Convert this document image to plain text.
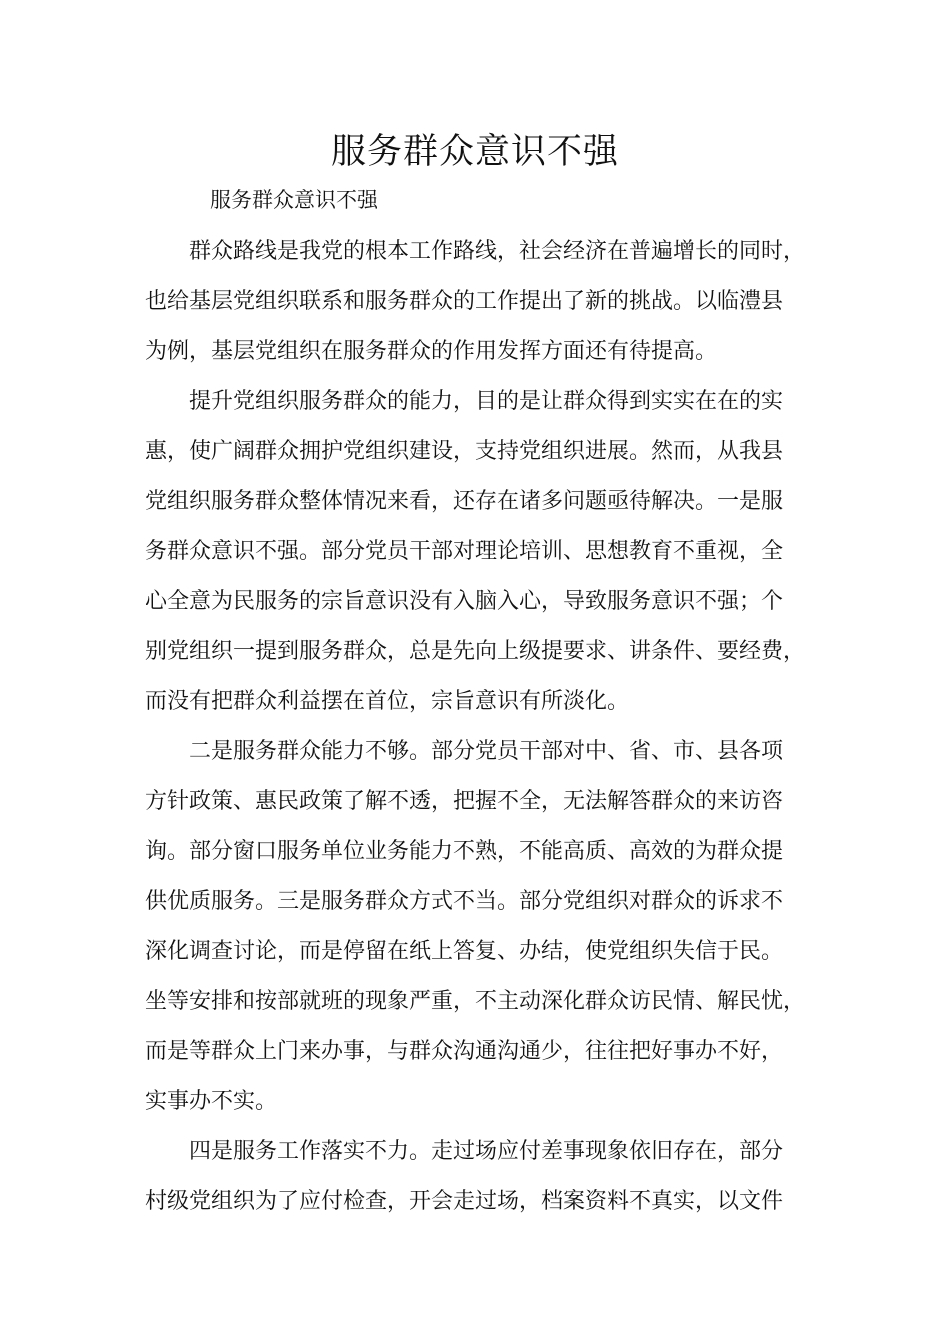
服务群众意识不强

服务群众意识不强

群众路线是我党的根本工作路线，社会经济在普遍增长的同时，
也给基层党组织联系和服务群众的工作提出了新的挑战。以临澧县
为例，基层党组织在服务群众的作用发挥方面还有待提高。
提升党组织服务群众的能力，目的是让群众得到实实在在的实
惠，使广阔群众拥护党组织建设，支持党组织进展。然而，从我县
党组织服务群众整体情况来看，还存在诸多问题亟待解决。一是服
务群众意识不强。部分党员干部对理论培训、思想教育不重视，全
心全意为民服务的宗旨意识没有入脑入心，导致服务意识不强；个
别党组织一提到服务群众，总是先向上级提要求、讲条件、要经费，
而没有把群众利益摆在首位，宗旨意识有所淡化。
二是服务群众能力不够。部分党员干部对中、省、市、县各项
方针政策、惠民政策了解不透，把握不全，无法解答群众的来访咨
询。部分窗口服务单位业务能力不熟，不能高质、高效的为群众提
供优质服务。三是服务群众方式不当。部分党组织对群众的诉求不
深化调查讨论，而是停留在纸上答复、办结，使党组织失信于民。
坐等安排和按部就班的现象严重，不主动深化群众访民情、解民忧，
而是等群众上门来办事，与群众沟通沟通少，往往把好事办不好，
实事办不实。
四是服务工作落实不力。走过场应付差事现象依旧存在，部分
村级党组织为了应付检查，开会走过场，档案资料不真实，以文件
